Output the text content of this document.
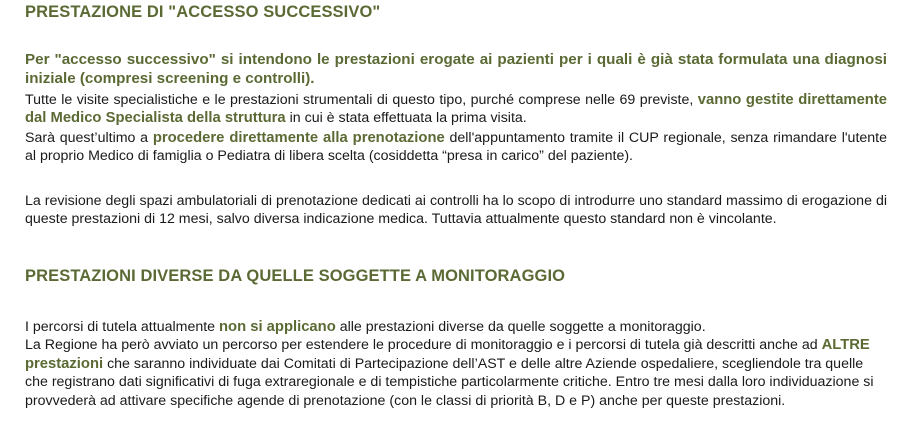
PRESTAZIONE DI "ACCESSO SUCCESSIVO"

Per "accesso successivo" si intendono le prestazioni erogate ai pazienti per i quali è già stata formulata una diagnosi iniziale (compresi screening e controlli).

Tutte le visite specialistiche e le prestazioni strumentali di questo tipo, purché comprese nelle 69 previste, vanno gestite direttamente dal Medico Specialista della struttura in cui è stata effettuata la prima visita.

Sarà quest’ultimo a procedere direttamente alla prenotazione dell'appuntamento tramite il CUP regionale, senza rimandare l'utente al proprio Medico di famiglia o Pediatra di libera scelta (cosiddetta “presa in carico” del paziente).

La revisione degli spazi ambulatoriali di prenotazione dedicati ai controlli ha lo scopo di introdurre uno standard massimo di erogazione di queste prestazioni di 12 mesi, salvo diversa indicazione medica. Tuttavia attualmente questo standard non è vincolante.

PRESTAZIONI DIVERSE DA QUELLE SOGGETTE A MONITORAGGIO
I percorsi di tutela attualmente non si applicano alle prestazioni diverse da quelle soggette a monitoraggio.
La Regione ha però avviato un percorso per estendere le procedure di monitoraggio e i percorsi di tutela già descritti anche ad ALTRE prestazioni che saranno individuate dai Comitati di Partecipazione dell’AST e delle altre Aziende ospedaliere, scegliendole tra quelle che registrano dati significativi di fuga extraregionale e di tempistiche particolarmente critiche. Entro tre mesi dalla loro individuazione si provvederà ad attivare specifiche agende di prenotazione (con le classi di priorità B, D e P) anche per queste prestazioni.
